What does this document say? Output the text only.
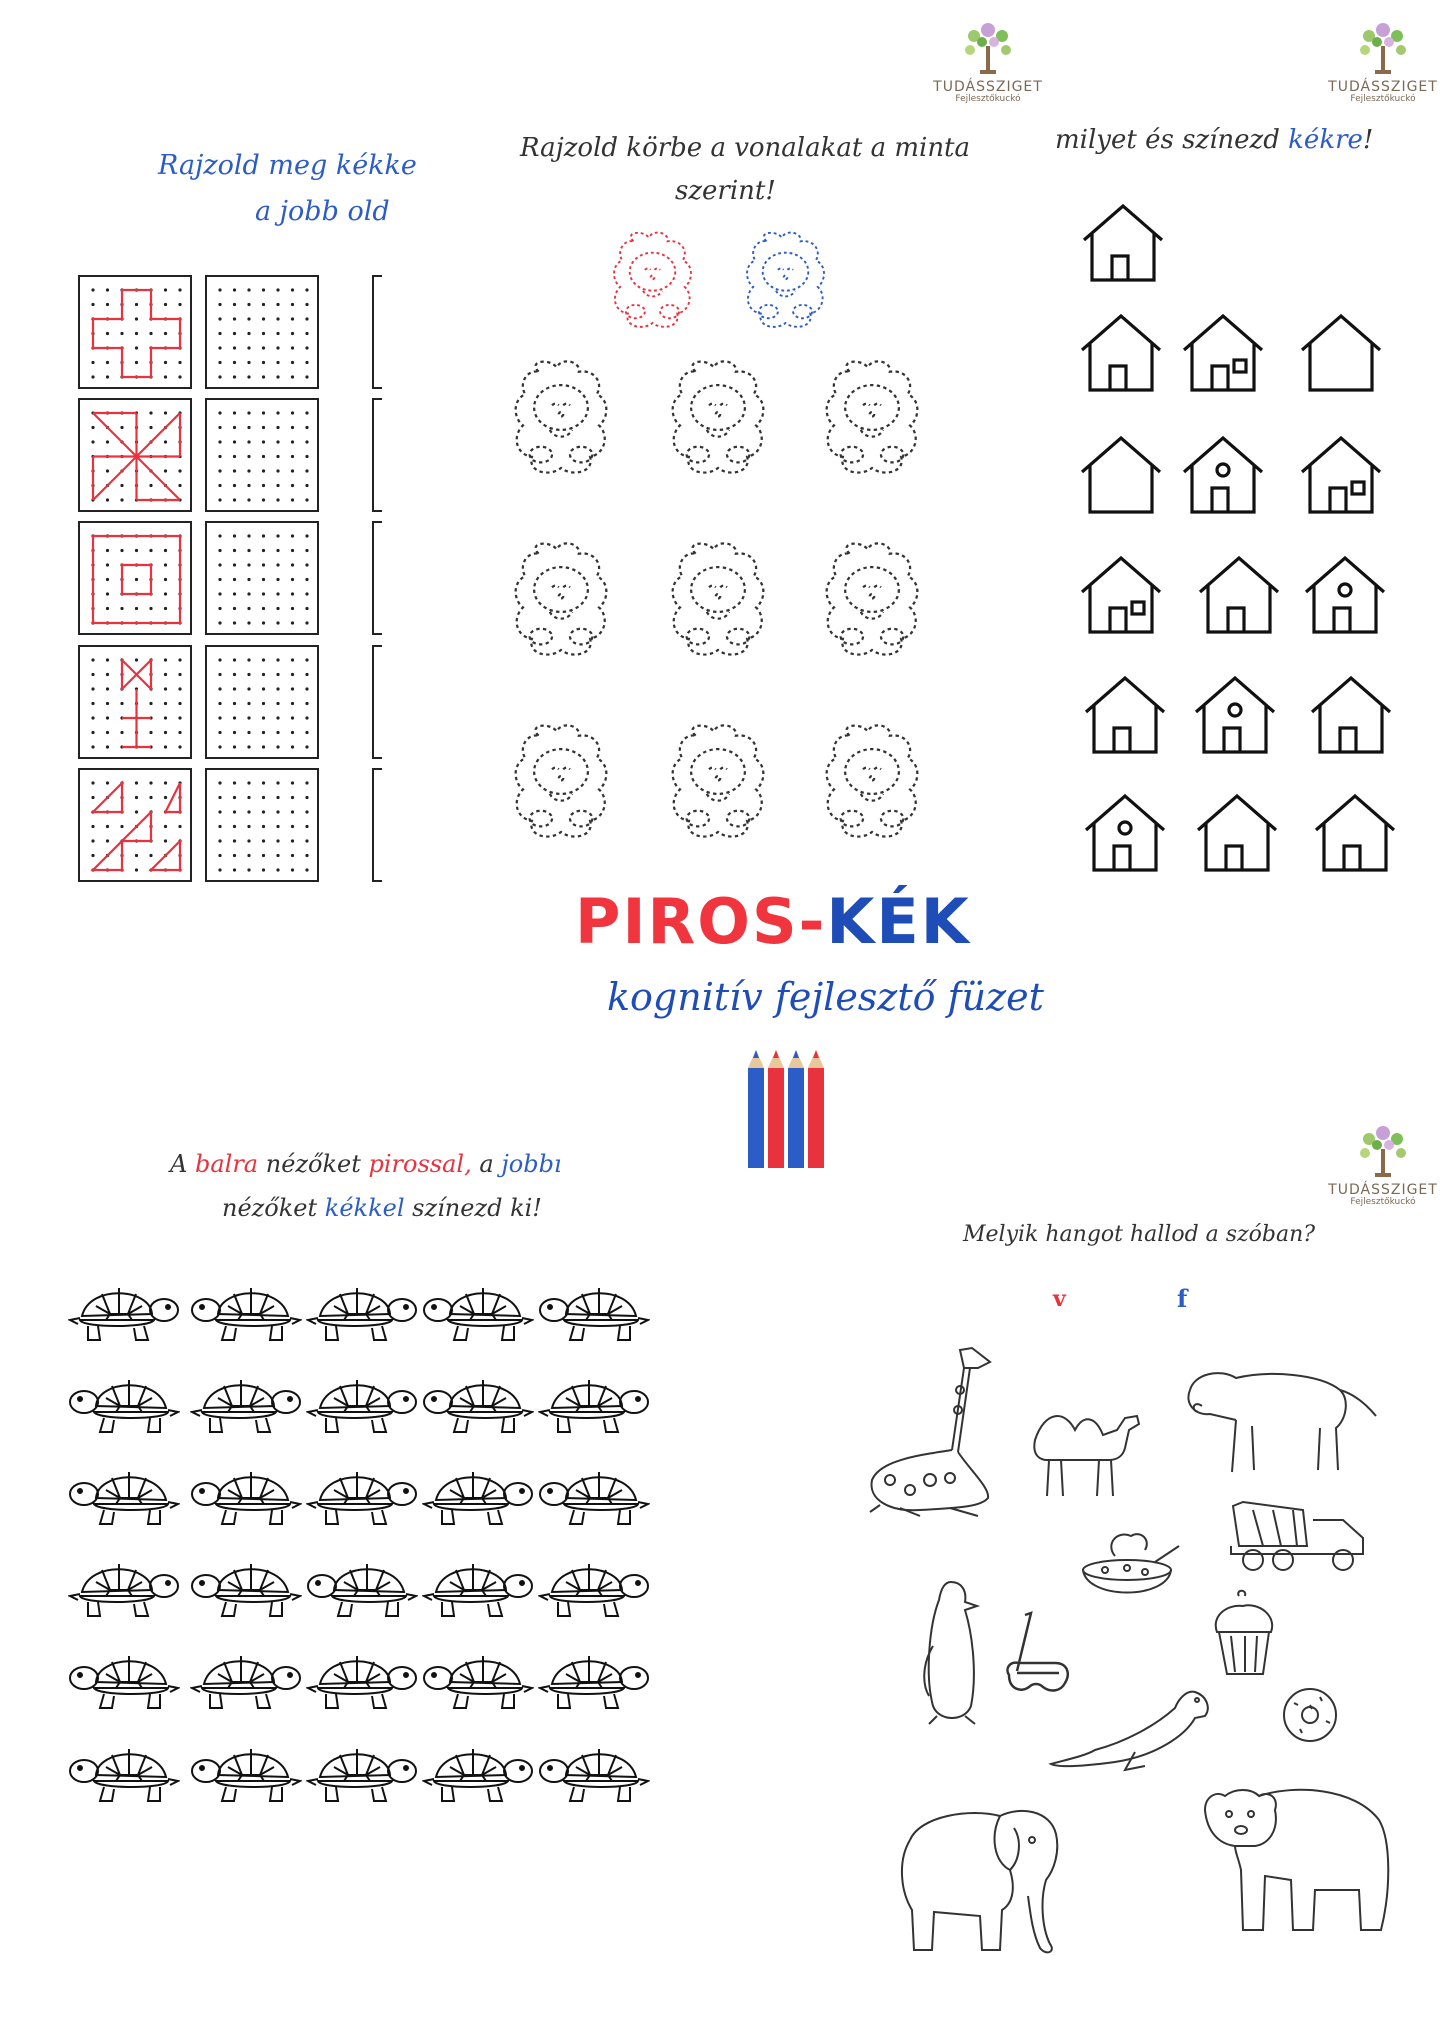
TUDÁSSZIGET
Fejlesztőkuckó
TUDÁSSZIGET
Fejlesztőkuckó
TUDÁSSZIGET
Fejlesztőkuckó
Rajzold meg kékke
a jobb old
Rajzold körbe a vonalakat a minta
szerint!
milyet és színezd kékre!
PIROS-KÉK
kognitív fejlesztő füzet
A balra nézőket pirossal, a jobbı
nézőket kékkel színezd ki!
Melyik hangot hallod a szóban?
v	f
